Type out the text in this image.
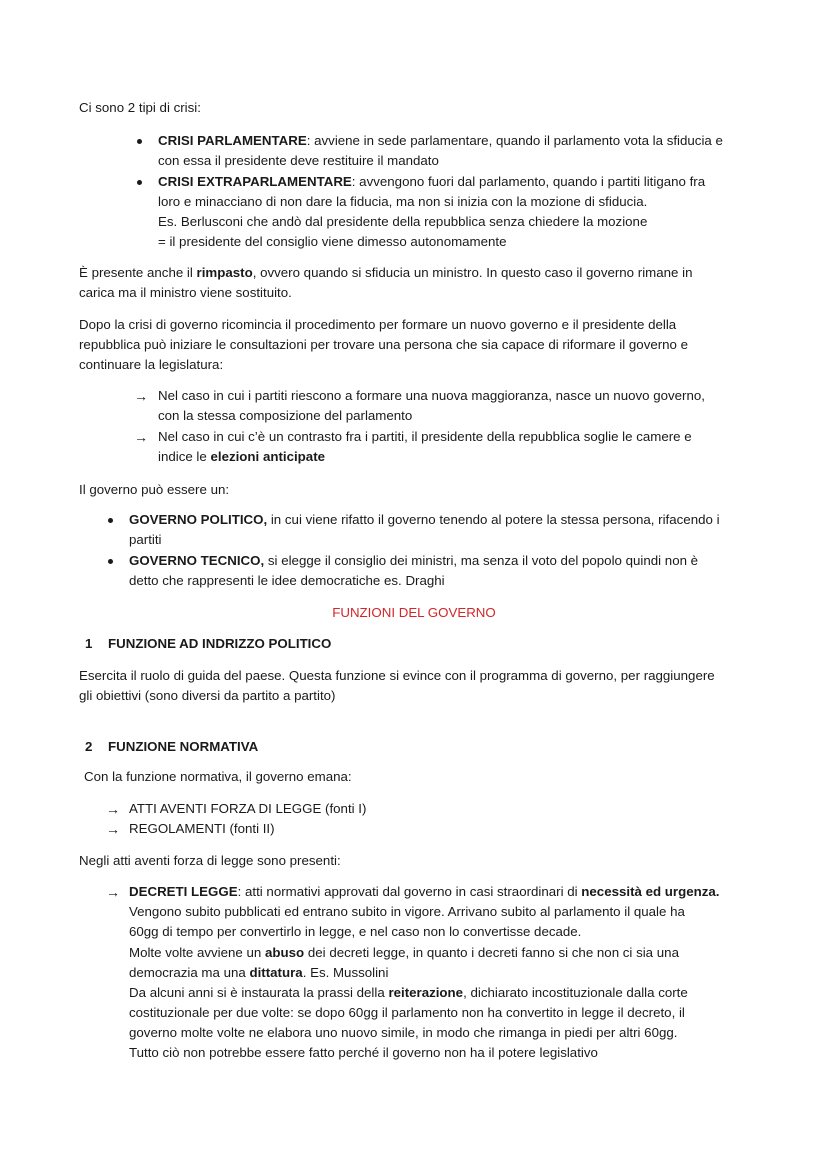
Ci sono 2 tipi di crisi:
CRISI PARLAMENTARE: avviene in sede parlamentare, quando il parlamento vota la sfiducia e
con essa il presidente deve restituire il mandato
CRISI EXTRAPARLAMENTARE: avvengono fuori dal parlamento, quando i partiti litigano fra
loro e minacciano di non dare la fiducia, ma non si inizia con la mozione di sfiducia.
Es. Berlusconi che andò dal presidente della repubblica senza chiedere la mozione
= il presidente del consiglio viene dimesso autonomamente
È presente anche il rimpasto, ovvero quando si sfiducia un ministro. In questo caso il governo rimane in
carica ma il ministro viene sostituito.
Dopo la crisi di governo ricomincia il procedimento per formare un nuovo governo e il presidente della
repubblica può iniziare le consultazioni per trovare una persona che sia capace di riformare il governo e
continuare la legislatura:
→ Nel caso in cui i partiti riescono a formare una nuova maggioranza, nasce un nuovo governo,
con la stessa composizione del parlamento
→ Nel caso in cui c’è un contrasto fra i partiti, il presidente della repubblica soglie le camere e
indice le elezioni anticipate
Il governo può essere un:
GOVERNO POLITICO, in cui viene rifatto il governo tenendo al potere la stessa persona, rifacendo i
partiti
GOVERNO TECNICO, si elegge il consiglio dei ministri, ma senza il voto del popolo quindi non è
detto che rappresenti le idee democratiche es. Draghi
FUNZIONI DEL GOVERNO
1 FUNZIONE AD INDRIZZO POLITICO
Esercita il ruolo di guida del paese. Questa funzione si evince con il programma di governo, per raggiungere
gli obiettivi (sono diversi da partito a partito)
2 FUNZIONE NORMATIVA
Con la funzione normativa, il governo emana:
→ ATTI AVENTI FORZA DI LEGGE (fonti I)
→ REGOLAMENTI (fonti II)
Negli atti aventi forza di legge sono presenti:
→ DECRETI LEGGE: atti normativi approvati dal governo in casi straordinari di necessità ed urgenza.
Vengono subito pubblicati ed entrano subito in vigore. Arrivano subito al parlamento il quale ha
60gg di tempo per convertirlo in legge, e nel caso non lo convertisse decade.
Molte volte avviene un abuso dei decreti legge, in quanto i decreti fanno si che non ci sia una
democrazia ma una dittatura. Es. Mussolini
Da alcuni anni si è instaurata la prassi della reiterazione, dichiarato incostituzionale dalla corte
costituzionale per due volte: se dopo 60gg il parlamento non ha convertito in legge il decreto, il
governo molte volte ne elabora uno nuovo simile, in modo che rimanga in piedi per altri 60gg.
Tutto ciò non potrebbe essere fatto perché il governo non ha il potere legislativo
